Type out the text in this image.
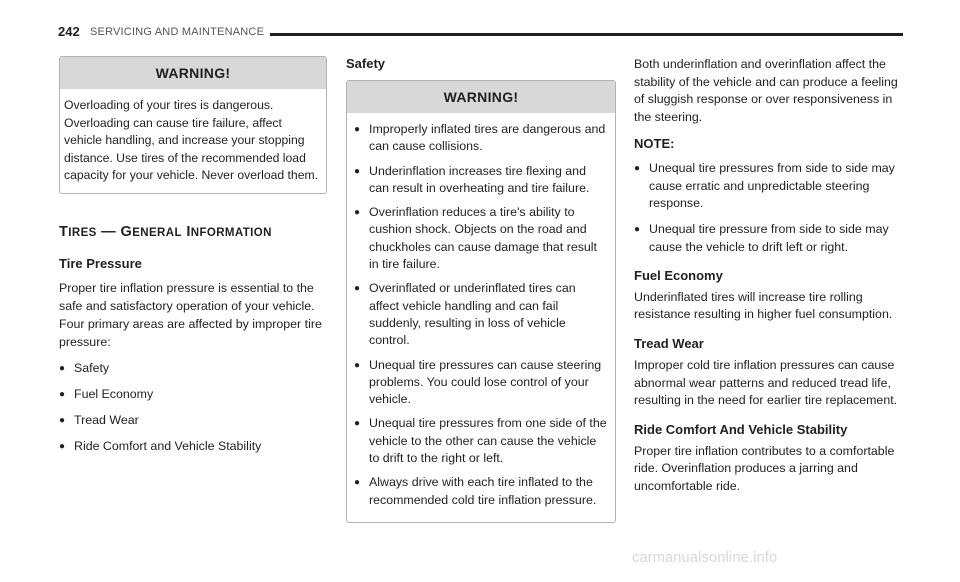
242 SERVICING AND MAINTENANCE
WARNING!
Overloading of your tires is dangerous. Overloading can cause tire failure, affect vehicle handling, and increase your stopping distance. Use tires of the recommended load capacity for your vehicle. Never overload them.
TIRES — GENERAL INFORMATION
Tire Pressure
Proper tire inflation pressure is essential to the safe and satisfactory operation of your vehicle. Four primary areas are affected by improper tire pressure:
● Safety
● Fuel Economy
● Tread Wear
● Ride Comfort and Vehicle Stability
Safety
WARNING!
● Improperly inflated tires are dangerous and can cause collisions.
● Underinflation increases tire flexing and can result in overheating and tire failure.
● Overinflation reduces a tire's ability to cushion shock. Objects on the road and chuckholes can cause damage that result in tire failure.
● Overinflated or underinflated tires can affect vehicle handling and can fail suddenly, resulting in loss of vehicle control.
● Unequal tire pressures can cause steering problems. You could lose control of your vehicle.
● Unequal tire pressures from one side of the vehicle to the other can cause the vehicle to drift to the right or left.
● Always drive with each tire inflated to the recommended cold tire inflation pressure.
Both underinflation and overinflation affect the stability of the vehicle and can produce a feeling of sluggish response or over responsiveness in the steering.
NOTE:
● Unequal tire pressures from side to side may cause erratic and unpredictable steering response.
● Unequal tire pressure from side to side may cause the vehicle to drift left or right.
Fuel Economy
Underinflated tires will increase tire rolling resistance resulting in higher fuel consumption.
Tread Wear
Improper cold tire inflation pressures can cause abnormal wear patterns and reduced tread life, resulting in the need for earlier tire replacement.
Ride Comfort And Vehicle Stability
Proper tire inflation contributes to a comfortable ride. Overinflation produces a jarring and uncomfortable ride.
carmanualsonline.info
